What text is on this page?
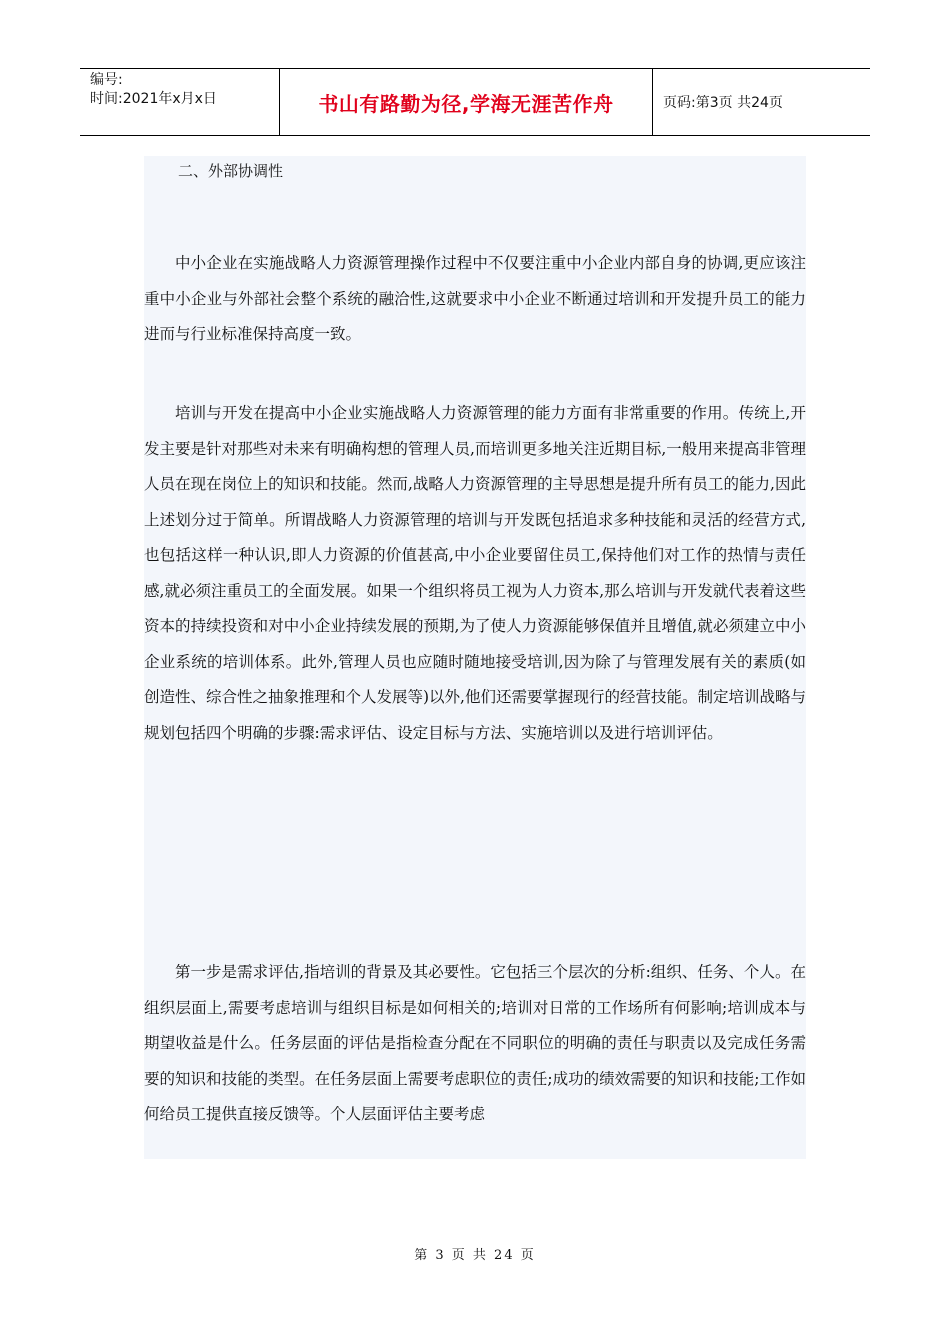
编号:
时间:2021年x月x日	书山有路勤为径,学海无涯苦作舟	页码:第3页 共24页
二、外部协调性

中小企业在实施战略人力资源管理操作过程中不仅要注重中小企业内部自身的协调,更应该注重中小企业与外部社会整个系统的融洽性,这就要求中小企业不断通过培训和开发提升员工的能力进而与行业标准保持高度一致。

培训与开发在提高中小企业实施战略人力资源管理的能力方面有非常重要的作用。传统上,开发主要是针对那些对未来有明确构想的管理人员,而培训更多地关注近期目标,一般用来提高非管理人员在现在岗位上的知识和技能。然而,战略人力资源管理的主导思想是提升所有员工的能力,因此上述划分过于简单。所谓战略人力资源管理的培训与开发既包括追求多种技能和灵活的经营方式,也包括这样一种认识,即人力资源的价值甚高,中小企业要留住员工,保持他们对工作的热情与责任感,就必须注重员工的全面发展。如果一个组织将员工视为人力资本,那么培训与开发就代表着这些资本的持续投资和对中小企业持续发展的预期,为了使人力资源能够保值并且增值,就必须建立中小企业系统的培训体系。此外,管理人员也应随时随地接受培训,因为除了与管理发展有关的素质(如创造性、综合性之抽象推理和个人发展等)以外,他们还需要掌握现行的经营技能。制定培训战略与规划包括四个明确的步骤:需求评估、设定目标与方法、实施培训以及进行培训评估。

第一步是需求评估,指培训的背景及其必要性。它包括三个层次的分析:组织、任务、个人。在组织层面上,需要考虑培训与组织目标是如何相关的;培训对日常的工作场所有何影响;培训成本与期望收益是什么。任务层面的评估是指检查分配在不同职位的明确的责任与职责以及完成任务需要的知识和技能的类型。在任务层面上需要考虑职位的责任;成功的绩效需要的知识和技能;工作如何给员工提供直接反馈等。个人层面评估主要考虑

第 3 页 共 24 页
